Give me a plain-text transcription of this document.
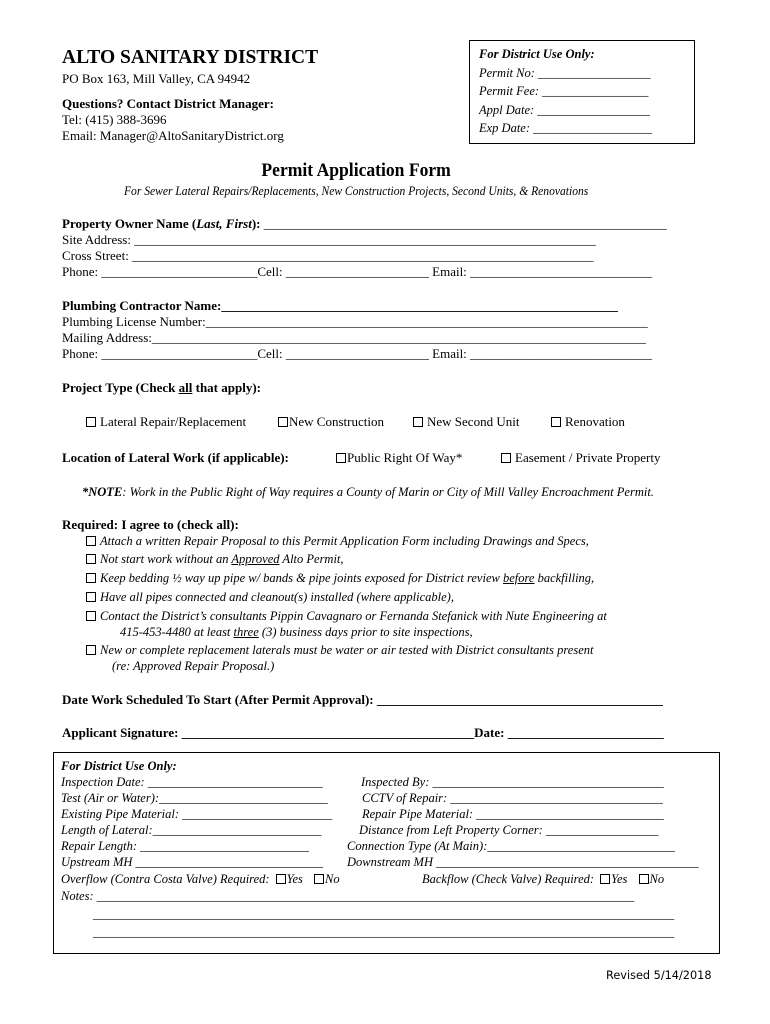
ALTO SANITARY DISTRICT
PO Box 163, Mill Valley, CA 94942
Questions? Contact District Manager:
Tel: (415) 388-3696
Email: Manager@AltoSanitaryDistrict.org
For District Use Only:
Permit No: __________________
Permit Fee: _________________
Appl Date: __________________
Exp Date: ___________________
Permit Application Form
For Sewer Lateral Repairs/Replacements, New Construction Projects, Second Units, & Renovations
Property Owner Name (Last, First): ______________________________________________________________
Site Address: _______________________________________________________________________
Cross Street: _______________________________________________________________________
Phone: ________________________Cell: ______________________ Email: ____________________________
Plumbing Contractor Name:_____________________________________________________________
Plumbing License Number:____________________________________________________________________
Mailing Address:____________________________________________________________________________
Phone: ________________________Cell: ______________________ Email: ____________________________
Project Type (Check all that apply):
Lateral Repair/Replacement	New Construction	New Second Unit	Renovation
Location of Lateral Work (if applicable):	Public Right Of Way*	Easement / Private Property
*NOTE: Work in the Public Right of Way requires a County of Marin or City of Mill Valley Encroachment Permit.
Required: I agree to (check all):
Attach a written Repair Proposal to this Permit Application Form including Drawings and Specs,
Not start work without an Approved Alto Permit,
Keep bedding ½ way up pipe w/ bands & pipe joints exposed for District review before backfilling,
Have all pipes connected and cleanout(s) installed (where applicable),
Contact the District’s consultants Pippin Cavagnaro or Fernanda Stefanick with Nute Engineering at
415-453-4480 at least three (3) business days prior to site inspections,
New or complete replacement laterals must be water or air tested with District consultants present
(re: Approved Repair Proposal.)
Date Work Scheduled To Start (After Permit Approval): ____________________________________________
Applicant Signature: _____________________________________________Date: ________________________
For District Use Only:
Inspection Date: ____________________________	Inspected By: _____________________________________
Test (Air or Water):___________________________	CCTV of Repair: __________________________________
Existing Pipe Material: ________________________ Repair Pipe Material: ______________________________
Length of Lateral:___________________________	Distance from Left Property Corner: __________________
Repair Length: ___________________________	Connection Type (At Main):______________________________
Upstream MH ______________________________ Downstream MH __________________________________________
Overflow (Contra Costa Valve) Required: Yes No	Backflow (Check Valve) Required: Yes No
Notes: ______________________________________________________________________________________
_____________________________________________________________________________________________
_____________________________________________________________________________________________
Revised 5/14/2018
